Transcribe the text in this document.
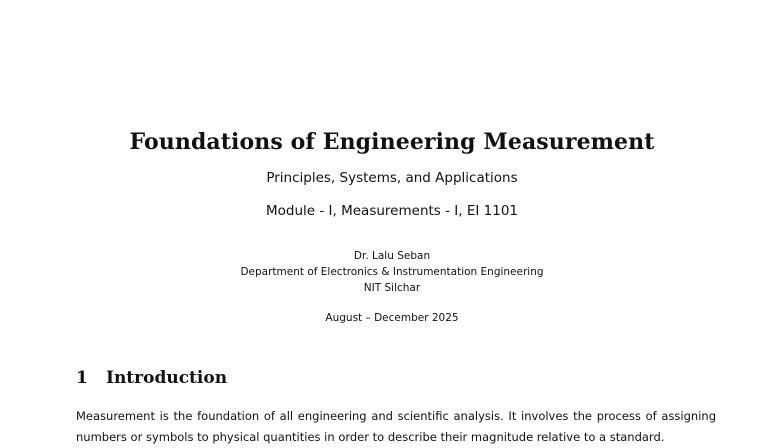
Foundations of Engineering Measurement
Principles, Systems, and Applications
Module - I, Measurements - I, EI 1101
Dr. Lalu Seban
Department of Electronics & Instrumentation Engineering
NIT Silchar
August – December 2025
1 Introduction
Measurement is the foundation of all engineering and scientific analysis. It involves the process of assigning
numbers or symbols to physical quantities in order to describe their magnitude relative to a standard.
